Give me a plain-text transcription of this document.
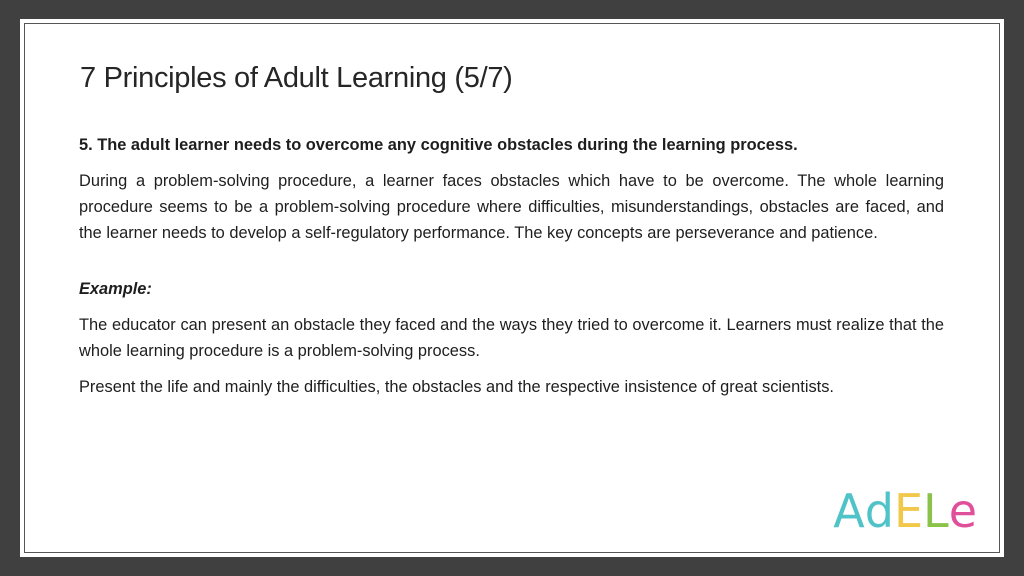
7 Principles of Adult Learning (5/7)

5. The adult learner needs to overcome any cognitive obstacles during the learning process.

During a problem-solving procedure, a learner faces obstacles which have to be overcome. The whole learning procedure seems to be a problem-solving procedure where difficulties, misunderstandings, obstacles are faced, and the learner needs to develop a self-regulatory performance. The key concepts are perseverance and patience.

Example:

The educator can present an obstacle they faced and the ways they tried to overcome it. Learners must realize that the whole learning procedure is a problem-solving process.

Present the life and mainly the difficulties, the obstacles and the respective insistence of great scientists.

AdELe
